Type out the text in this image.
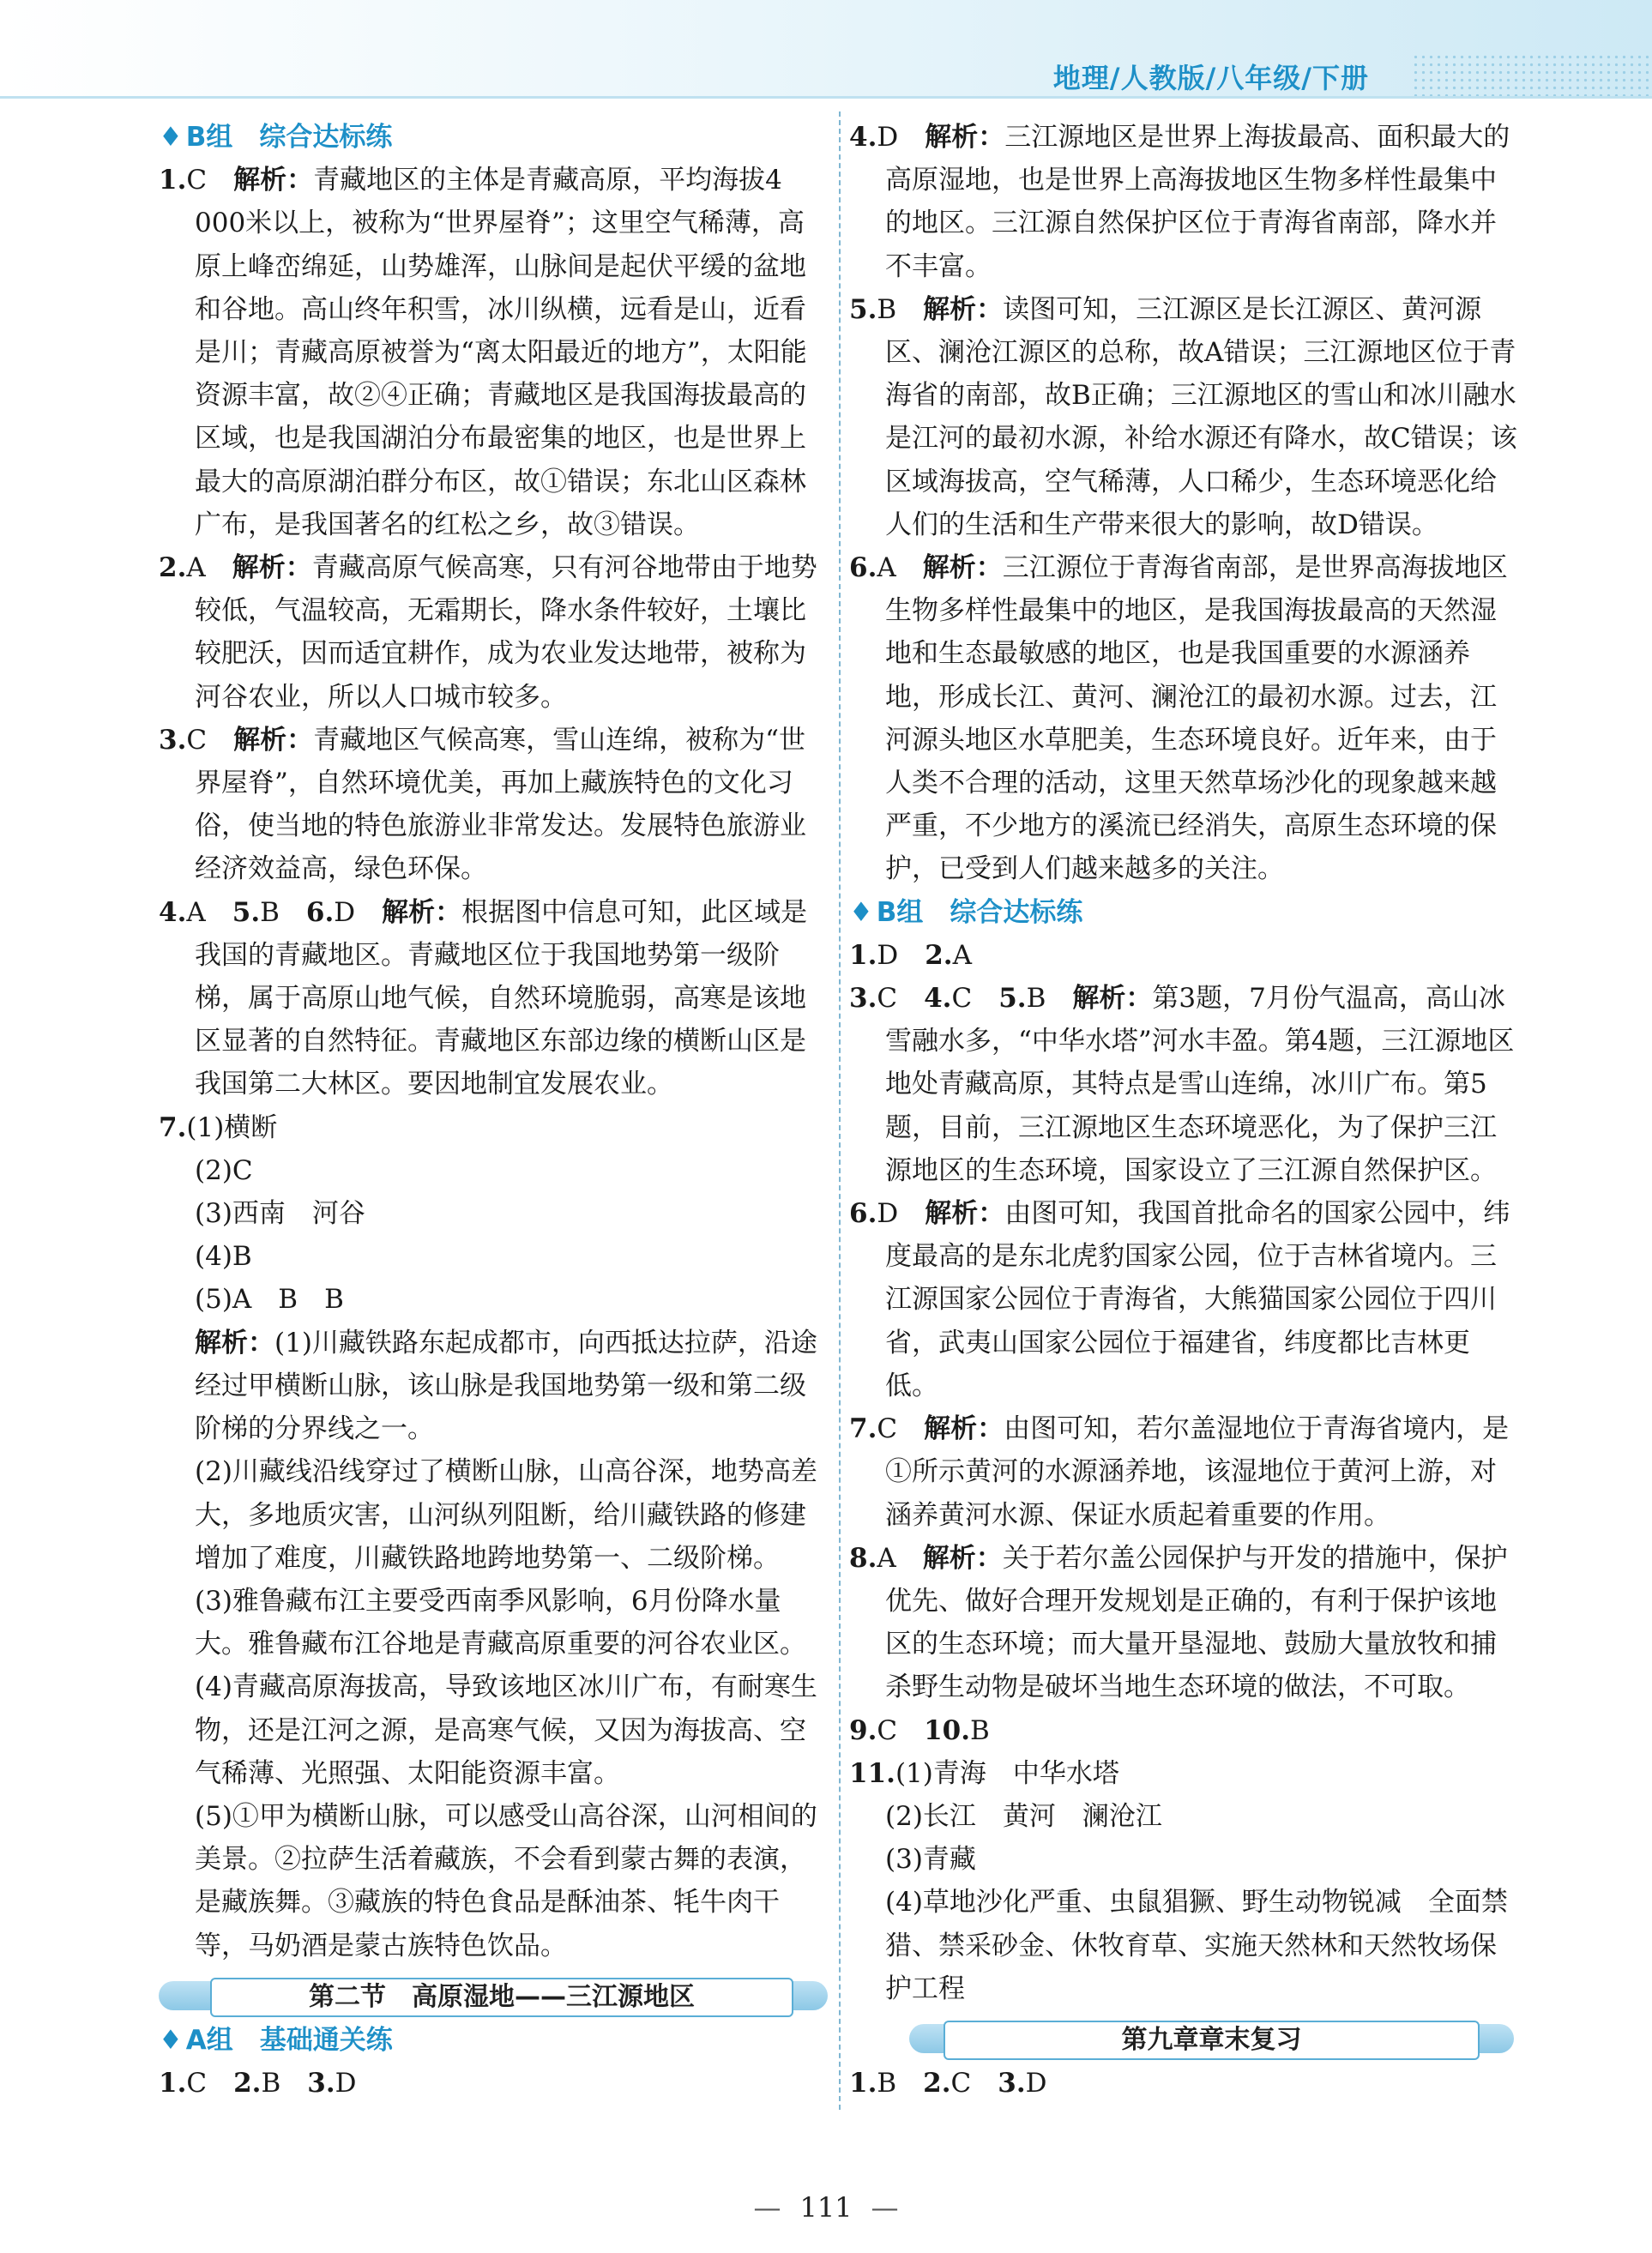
地理/人教版/八年级/下册

♦ B组　综合达标练

1.C　 解析：青藏地区的主体是青藏高原，平均海拔4 000米以上，被称为“世界屋脊”；这里空气稀薄，高原上峰峦绵延，山势雄浑，山脉间是起伏平缓的盆地和谷地。高山终年积雪，冰川纵横，远看是山，近看是川；青藏高原被誉为“离太阳最近的地方”，太阳能资源丰富，故②④正确；青藏地区是我国海拔最高的区域，也是我国湖泊分布最密集的地区，也是世界上最大的高原湖泊群分布区，故①错误；东北山区森林广布，是我国著名的红松之乡，故③错误。

2.A　 解析：青藏高原气候高寒，只有河谷地带由于地势较低，气温较高，无霜期长，降水条件较好，土壤比较肥沃，因而适宜耕作，成为农业发达地带，被称为河谷农业，所以人口城市较多。

3.C　 解析：青藏地区气候高寒，雪山连绵，被称为“世界屋脊”，自然环境优美，再加上藏族特色的文化习俗，使当地的特色旅游业非常发达。发展特色旅游业经济效益高，绿色环保。

4.A　 5.B　 6.D　 解析：根据图中信息可知，此区域是我国的青藏地区。青藏地区位于我国地势第一级阶梯，属于高原山地气候，自然环境脆弱，高寒是该地区显著的自然特征。青藏地区东部边缘的横断山区是我国第二大林区。要因地制宜发展农业。

7.(1)横断

(2)C

(3)西南　河谷

(4)B

(5)A　B　B

解析：(1)川藏铁路东起成都市，向西抵达拉萨，沿途经过甲横断山脉，该山脉是我国地势第一级和第二级阶梯的分界线之一。

(2)川藏线沿线穿过了横断山脉，山高谷深，地势高差大，多地质灾害，山河纵列阻断，给川藏铁路的修建增加了难度，川藏铁路地跨地势第一、二级阶梯。

(3)雅鲁藏布江主要受西南季风影响，6月份降水量大。雅鲁藏布江谷地是青藏高原重要的河谷农业区。

(4)青藏高原海拔高，导致该地区冰川广布，有耐寒生物，还是江河之源，是高寒气候，又因为海拔高、空气稀薄、光照强、太阳能资源丰富。

(5)①甲为横断山脉，可以感受山高谷深，山河相间的美景。②拉萨生活着藏族，不会看到蒙古舞的表演，是藏族舞。③藏族的特色食品是酥油茶、牦牛肉干等，马奶酒是蒙古族特色饮品。

第二节　高原湿地——三江源地区

♦ A组　基础通关练

1.C　 2.B　 3.D

4.D　 解析：三江源地区是世界上海拔最高、面积最大的高原湿地，也是世界上高海拔地区生物多样性最集中的地区。三江源自然保护区位于青海省南部，降水并不丰富。

5.B　 解析：读图可知，三江源区是长江源区、黄河源区、澜沧江源区的总称，故A错误；三江源地区位于青海省的南部，故B正确；三江源地区的雪山和冰川融水是江河的最初水源，补给水源还有降水，故C错误；该区域海拔高，空气稀薄，人口稀少，生态环境恶化给人们的生活和生产带来很大的影响，故D错误。

6.A　 解析：三江源位于青海省南部，是世界高海拔地区生物多样性最集中的地区，是我国海拔最高的天然湿地和生态最敏感的地区，也是我国重要的水源涵养地，形成长江、黄河、澜沧江的最初水源。过去，江河源头地区水草肥美，生态环境良好。近年来，由于人类不合理的活动，这里天然草场沙化的现象越来越严重，不少地方的溪流已经消失，高原生态环境的保护，已受到人们越来越多的关注。

♦ B组　综合达标练

1.D　 2.A

3.C　 4.C　 5.B　 解析：第3题，7月份气温高，高山冰雪融水多，“中华水塔”河水丰盈。第4题，三江源地区地处青藏高原，其特点是雪山连绵，冰川广布。第5题，目前，三江源地区生态环境恶化，为了保护三江源地区的生态环境，国家设立了三江源自然保护区。

6.D　 解析：由图可知，我国首批命名的国家公园中，纬度最高的是东北虎豹国家公园，位于吉林省境内。三江源国家公园位于青海省，大熊猫国家公园位于四川省，武夷山国家公园位于福建省，纬度都比吉林更低。

7.C　 解析：由图可知，若尔盖湿地位于青海省境内，是①所示黄河的水源涵养地，该湿地位于黄河上游，对涵养黄河水源、保证水质起着重要的作用。

8.A　 解析：关于若尔盖公园保护与开发的措施中，保护优先、做好合理开发规划是正确的，有利于保护该地区的生态环境；而大量开垦湿地、鼓励大量放牧和捕杀野生动物是破坏当地生态环境的做法，不可取。

9.C　 10.B

11.(1)青海　中华水塔

(2)长江　黄河　澜沧江

(3)青藏

(4)草地沙化严重、虫鼠猖獗、野生动物锐减　全面禁猎、禁采砂金、休牧育草、实施天然林和天然牧场保护工程

第九章章末复习

1.B　 2.C　 3.D

— 111 —
